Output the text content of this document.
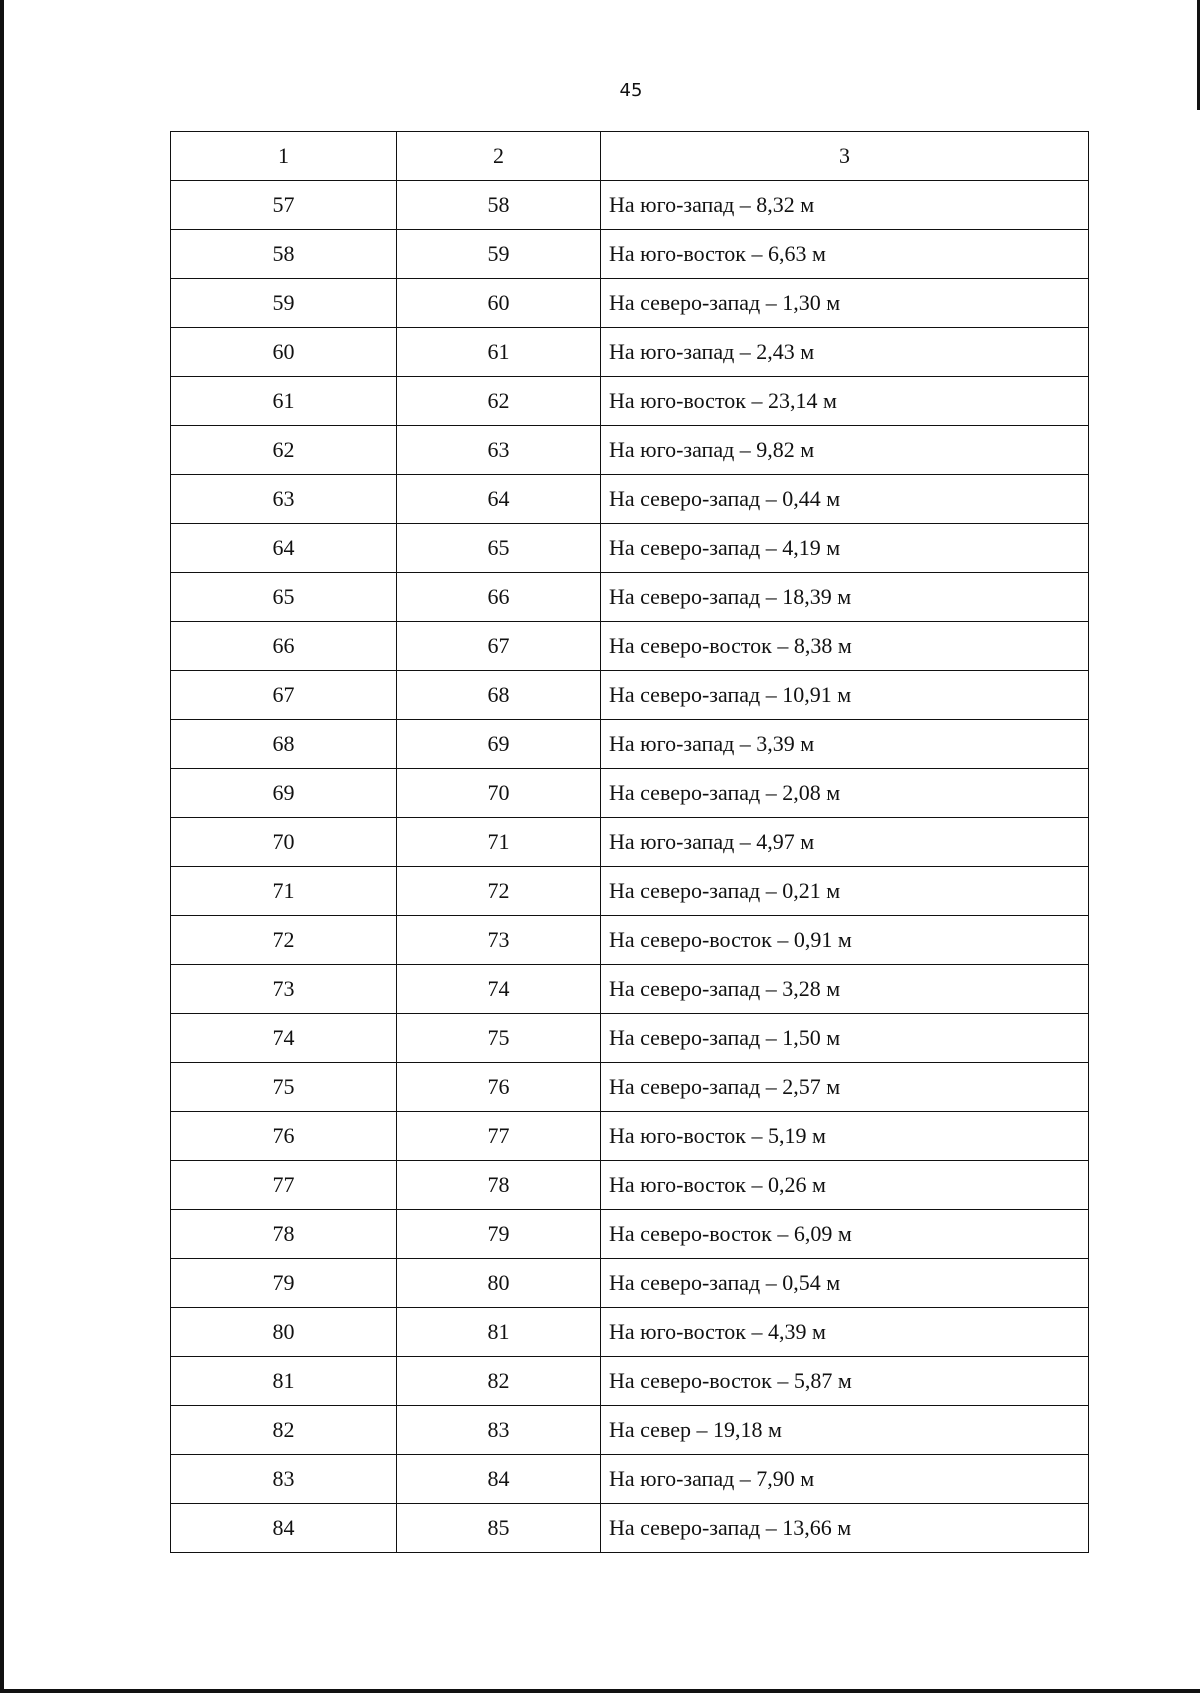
45
1	2	3
57	58	На юго-запад – 8,32 м
58	59	На юго-восток – 6,63 м
59	60	На северо-запад – 1,30 м
60	61	На юго-запад – 2,43 м
61	62	На юго-восток – 23,14 м
62	63	На юго-запад – 9,82 м
63	64	На северо-запад – 0,44 м
64	65	На северо-запад – 4,19 м
65	66	На северо-запад – 18,39 м
66	67	На северо-восток – 8,38 м
67	68	На северо-запад – 10,91 м
68	69	На юго-запад – 3,39 м
69	70	На северо-запад – 2,08 м
70	71	На юго-запад – 4,97 м
71	72	На северо-запад – 0,21 м
72	73	На северо-восток – 0,91 м
73	74	На северо-запад – 3,28 м
74	75	На северо-запад – 1,50 м
75	76	На северо-запад – 2,57 м
76	77	На юго-восток – 5,19 м
77	78	На юго-восток – 0,26 м
78	79	На северо-восток – 6,09 м
79	80	На северо-запад – 0,54 м
80	81	На юго-восток – 4,39 м
81	82	На северо-восток – 5,87 м
82	83	На север – 19,18 м
83	84	На юго-запад – 7,90 м
84	85	На северо-запад – 13,66 м
